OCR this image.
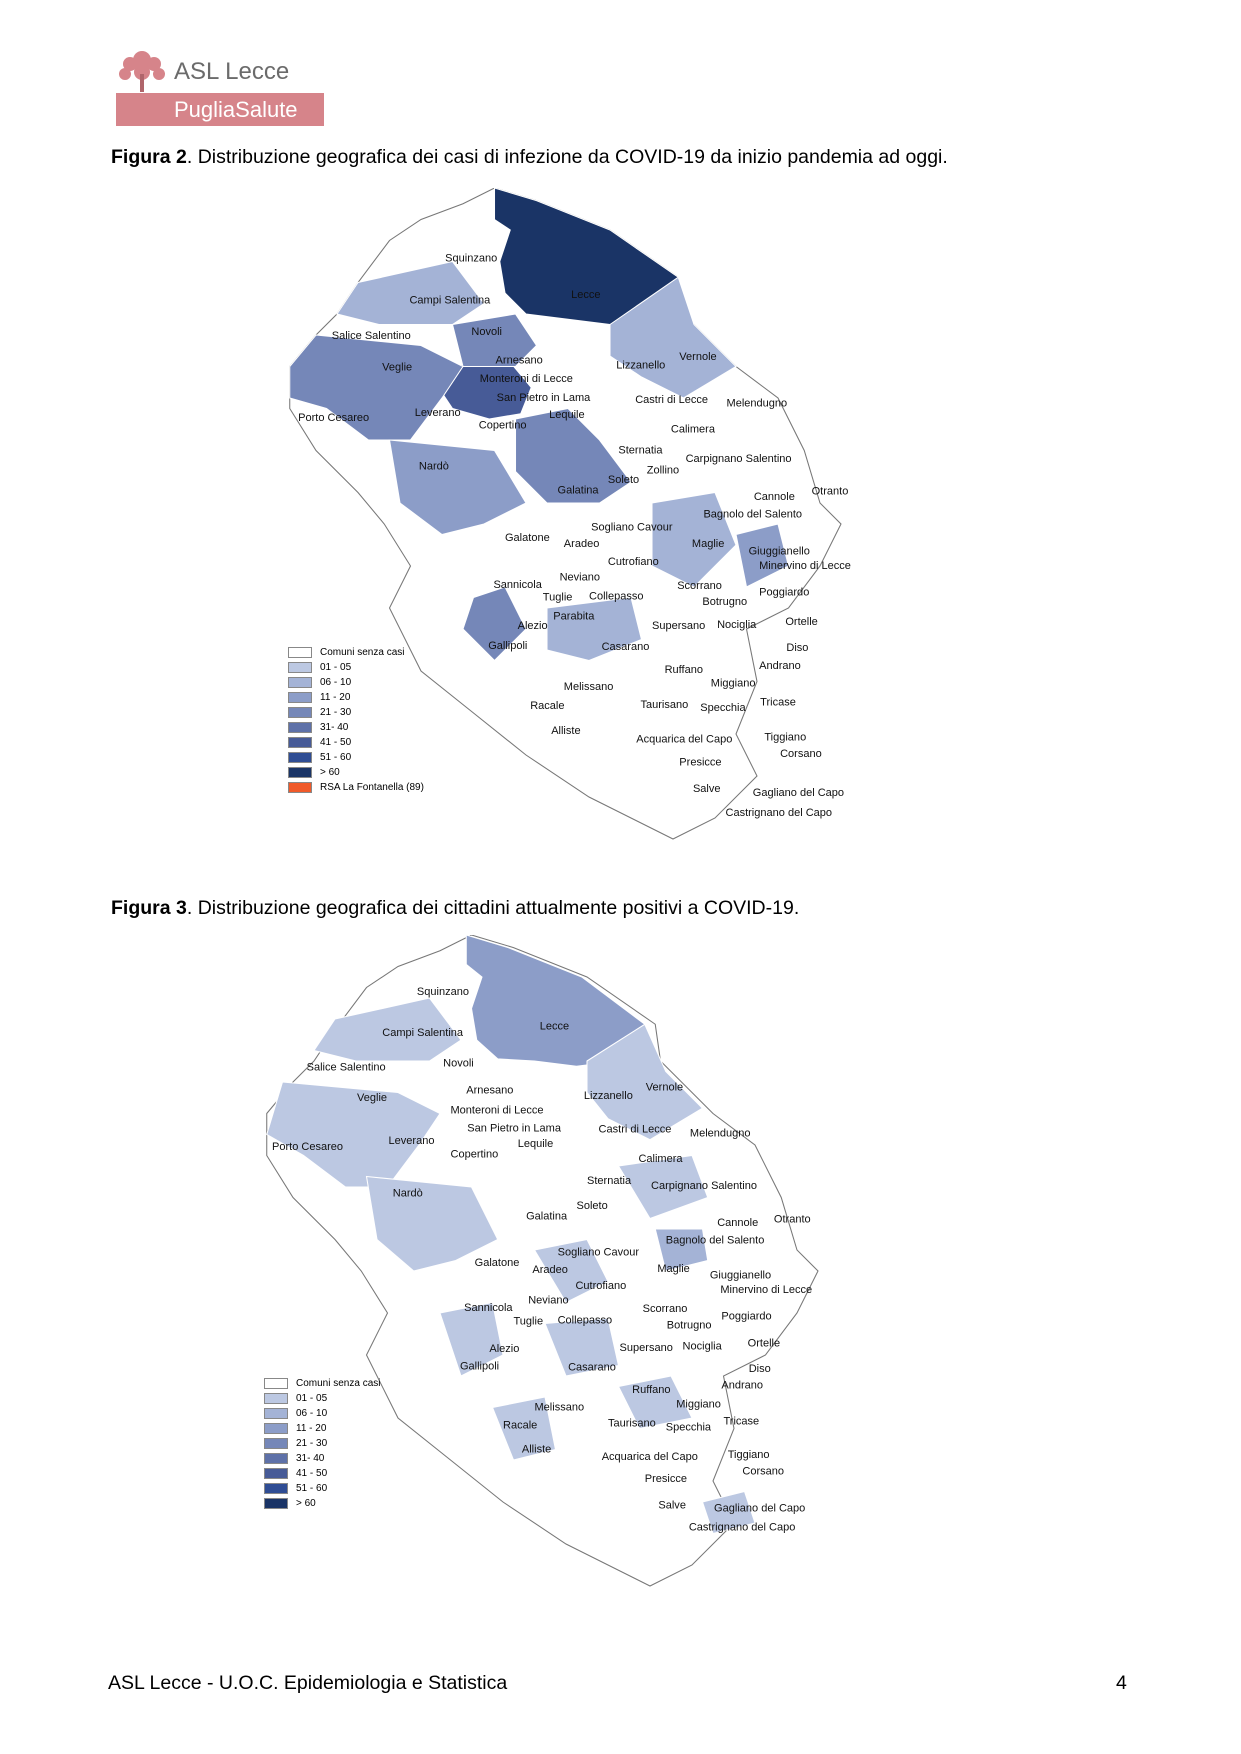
ASL Lecce
PugliaSalute
Figura 2. Distribuzione geografica dei casi di infezione da COVID-19 da inizio pandemia ad oggi.
Squinzano
Campi Salentina	Lecce
Salice Salentino	Novoli
Veglie
Arnesano
Monteroni di Lecce
Lizzanello
Vernole
San Pietro in Lama	Castri di Lecce Melendugno
Porto Cesareo	Leverano	Lequile
Copertino	Calimera
Sternatia
Carpignano Salentino
Nardò	Zollino
Soleto
Galatina
Cannole Otranto
Bagnolo del Salento
Sogliano Cavour
Galatone
Aradeo	Maglie
Giuggianello
Minervino di Lecce
Cutrofiano
Neviano
Sannicola	Scorrano
Poggiardo
Tuglie Collepasso	Botrugno
Parabita
Alezio	Supersano Nociglia	Ortelle
Gallipoli	Casarano	Diso
Ruffano	Andrano
Melissano	Miggiano
Taurisano Specchia Tricase
Racale
Alliste
Acquarica del Capo	Tiggiano
Corsano
Presicce
Salve	Gagliano del Capo
Castrignano del Capo
Comuni senza casi
01 - 05
06 - 10
11 - 20
21 - 30
31- 40
41 - 50
51 - 60
> 60
RSA La Fontanella (89)
Figura 3. Distribuzione geografica dei cittadini attualmente positivi a COVID-19.
Squinzano
Campi Salentina
Lecce
Salice Salentino	Novoli
Veglie
Arnesano
Monteroni di Lecce
Lizzanello
Vernole
San Pietro in Lama	Castri di Lecce Melendugno
Porto Cesareo
Leverano	Lequile
Copertino	Calimera
Sternatia Carpignano Salentino
Nardò
Soleto
Galatina
Cannole Otranto
Bagnolo del Salento
Sogliano Cavour
Galatone
Aradeo	Maglie
Giuggianello
Minervino di Lecce
Cutrofiano
Neviano
Sannicola	Scorrano
Poggiardo
Tuglie Collepasso	Botrugno
Alezio	Supersano Nociglia Ortelle
Gallipoli	Casarano	Diso
Ruffano	Andrano
Melissano	Miggiano
Taurisano Specchia
Tricase
Racale
Alliste
Acquarica del Capo	Tiggiano
Corsano
Presicce
Salve	Gagliano del Capo
Castrignano del Capo
Comuni senza casi
01 - 05
06 - 10
11 - 20
21 - 30
31- 40
41 - 50
51 - 60
> 60
ASL Lecce - U.O.C. Epidemiologia e Statistica	4
